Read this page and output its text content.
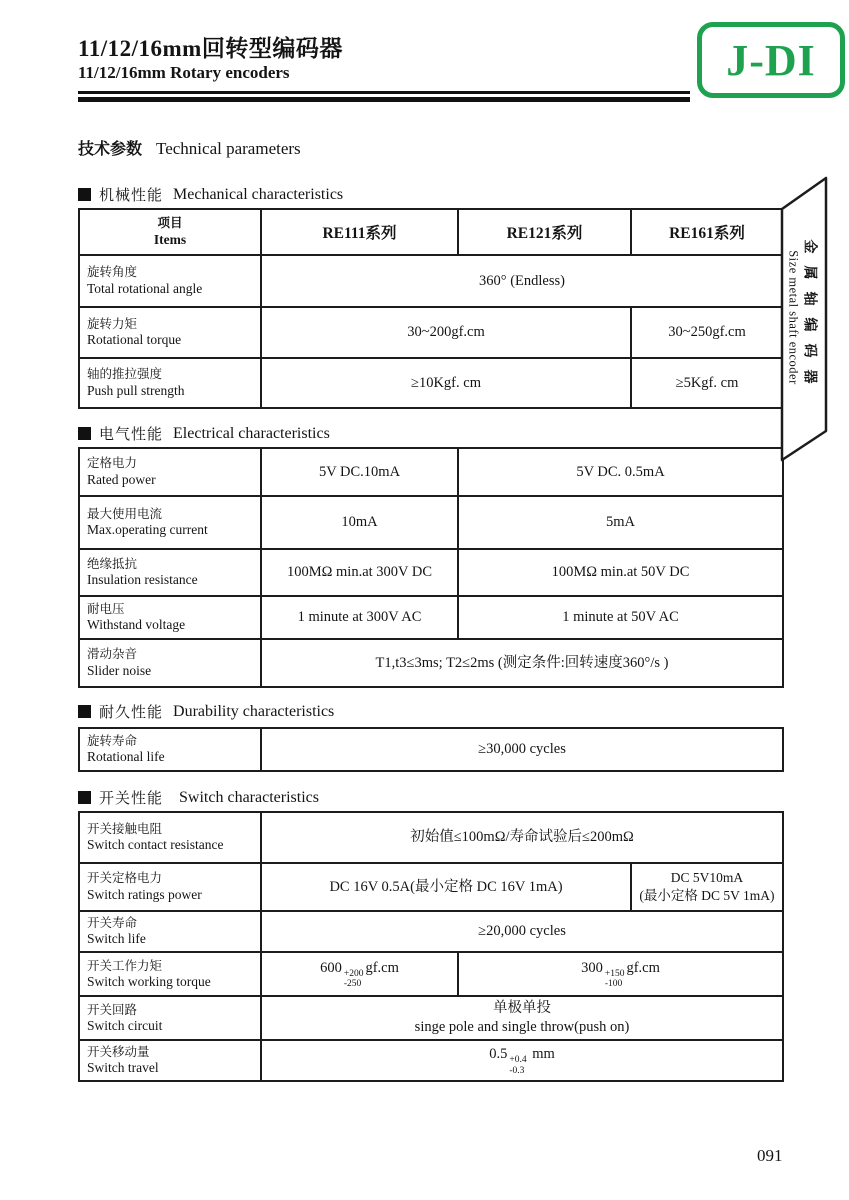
11/12/16mm回转型编码器
11/12/16mm Rotary encoders	J-DI
技术参数 Technical parameters
机械性能 Mechanical characteristics
项目
Items	RE111系列	RE121系列	RE161系列

旋转角度
Total rotational angle	360° (Endless)		

旋转力矩
Rotational torque	30~200gf.cm		30~250gf.cm

轴的推拉强度
Push pull strength	≥10Kgf. cm		≥5Kgf. cm
电气性能 Electrical characteristics
定格电力
Rated power	5V DC.10mA	5V DC. 0.5mA

最大使用电流
Max.operating current	10mA	5mA

绝缘抵抗
Insulation resistance	100MΩ min.at 300V DC	100MΩ min.at 50V DC

耐电压
Withstand voltage	1 minute at 300V AC	1 minute at 50V AC

滑动杂音
Slider noise	T1,t3≤3ms; T2≤2ms (测定条件:回转速度360°/s )	
耐久性能 Durability characteristics
旋转寿命
Rotational life	≥30,000 cycles
开关性能 Switch characteristics
开关接触电阻
Switch contact resistance	初始值≤100mΩ/寿命试验后≤200mΩ		

开关定格电力
Switch ratings power	DC 16V 0.5A(最小定格 DC 16V 1mA)		DC 5V10mA
(最小定格 DC 5V 1mA)

开关寿命
Switch life	≥20,000 cycles		

开关工作力矩
Switch working torque	600 +200
-250
gf.cm	300 +150
-100
gf.cm	

开关回路
Switch circuit	单极单投
singe pole and single throw(push on)		

开关移动量
Switch travel	0.5 +0.4
-0.3
mm		
金属轴编码器
Size metal shaft encoder
091
